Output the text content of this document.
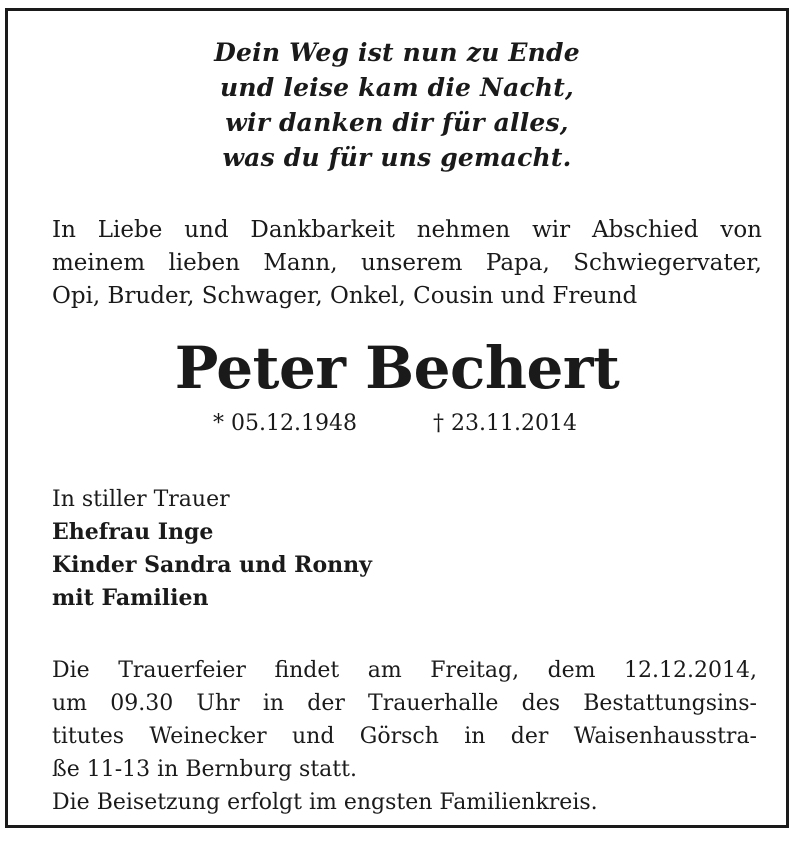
Dein Weg ist nun zu Ende
und leise kam die Nacht,
wir danken dir für alles,
was du für uns gemacht.
In Liebe und Dankbarkeit nehmen wir Abschied von
meinem lieben Mann, unserem Papa, Schwiegervater,
Opi, Bruder, Schwager, Onkel, Cousin und Freund
Peter Bechert
* 05.12.1948	† 23.11.2014
In stiller Trauer
Ehefrau Inge
Kinder Sandra und Ronny
mit Familien
Die Trauerfeier findet am Freitag, dem 12.12.2014,
um 09.30 Uhr in der Trauerhalle des Bestattungsins-
titutes Weinecker und Görsch in der Waisenhausstra-
ße 11-13 in Bernburg statt.
Die Beisetzung erfolgt im engsten Familienkreis.
